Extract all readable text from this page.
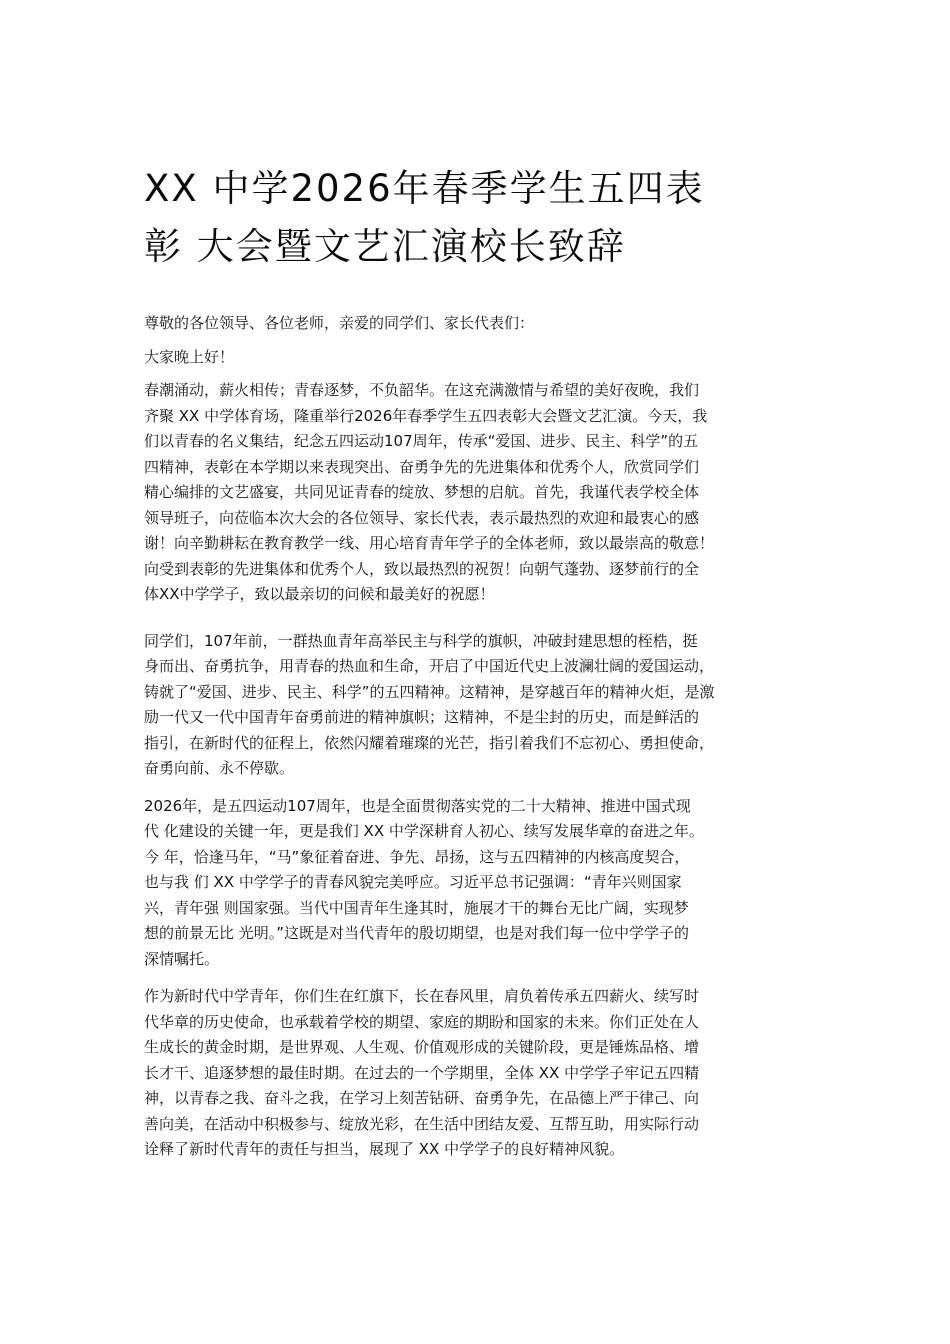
XX 中学2026年春季学生五四表
彰 大会暨文艺汇演校长致辞

尊敬的各位领导、各位老师，亲爱的同学们、家长代表们：

大家晚上好！

春潮涌动，薪火相传；青春逐梦，不负韶华。在这充满激情与希望的美好夜晚，我们
齐聚 XX 中学体育场，隆重举行2026年春季学生五四表彰大会暨文艺汇演。今天，我
们以青春的名义集结，纪念五四运动107周年，传承“爱国、进步、民主、科学”的五
四精神，表彰在本学期以来表现突出、奋勇争先的先进集体和优秀个人，欣赏同学们
精心编排的文艺盛宴，共同见证青春的绽放、梦想的启航。首先，我谨代表学校全体
领导班子，向莅临本次大会的各位领导、家长代表，表示最热烈的欢迎和最衷心的感
谢！向辛勤耕耘在教育教学一线、用心培育青年学子的全体老师，致以最崇高的敬意！
向受到表彰的先进集体和优秀个人，致以最热烈的祝贺！向朝气蓬勃、逐梦前行的全
体XX中学学子，致以最亲切的问候和最美好的祝愿！

同学们，107年前，一群热血青年高举民主与科学的旗帜，冲破封建思想的桎梏，挺
身而出、奋勇抗争，用青春的热血和生命，开启了中国近代史上波澜壮阔的爱国运动，
铸就了“爱国、进步、民主、科学”的五四精神。这精神，是穿越百年的精神火炬，是激
励一代又一代中国青年奋勇前进的精神旗帜；这精神，不是尘封的历史，而是鲜活的
指引，在新时代的征程上，依然闪耀着璀璨的光芒，指引着我们不忘初心、勇担使命，
奋勇向前、永不停歇。

2026年，是五四运动107周年，也是全面贯彻落实党的二十大精神、推进中国式现
代 化建设的关键一年，更是我们 XX 中学深耕育人初心、续写发展华章的奋进之年。
今 年，恰逢马年，“马”象征着奋进、争先、昂扬，这与五四精神的内核高度契合，
也与我 们 XX 中学学子的青春风貌完美呼应。习近平总书记强调：“青年兴则国家
兴，青年强 则国家强。当代中国青年生逢其时，施展才干的舞台无比广阔，实现梦
想的前景无比 光明。”这既是对当代青年的殷切期望，也是对我们每一位中学学子的
深情嘱托。

作为新时代中学青年，你们生在红旗下，长在春风里，肩负着传承五四薪火、续写时
代华章的历史使命，也承载着学校的期望、家庭的期盼和国家的未来。你们正处在人
生成长的黄金时期，是世界观、人生观、价值观形成的关键阶段，更是锤炼品格、增
长才干、追逐梦想的最佳时期。在过去的一个学期里，全体 XX 中学学子牢记五四精
神，以青春之我、奋斗之我，在学习上刻苦钻研、奋勇争先，在品德上严于律己、向
善向美，在活动中积极参与、绽放光彩，在生活中团结友爱、互帮互助，用实际行动
诠释了新时代青年的责任与担当，展现了 XX 中学学子的良好精神风貌。
